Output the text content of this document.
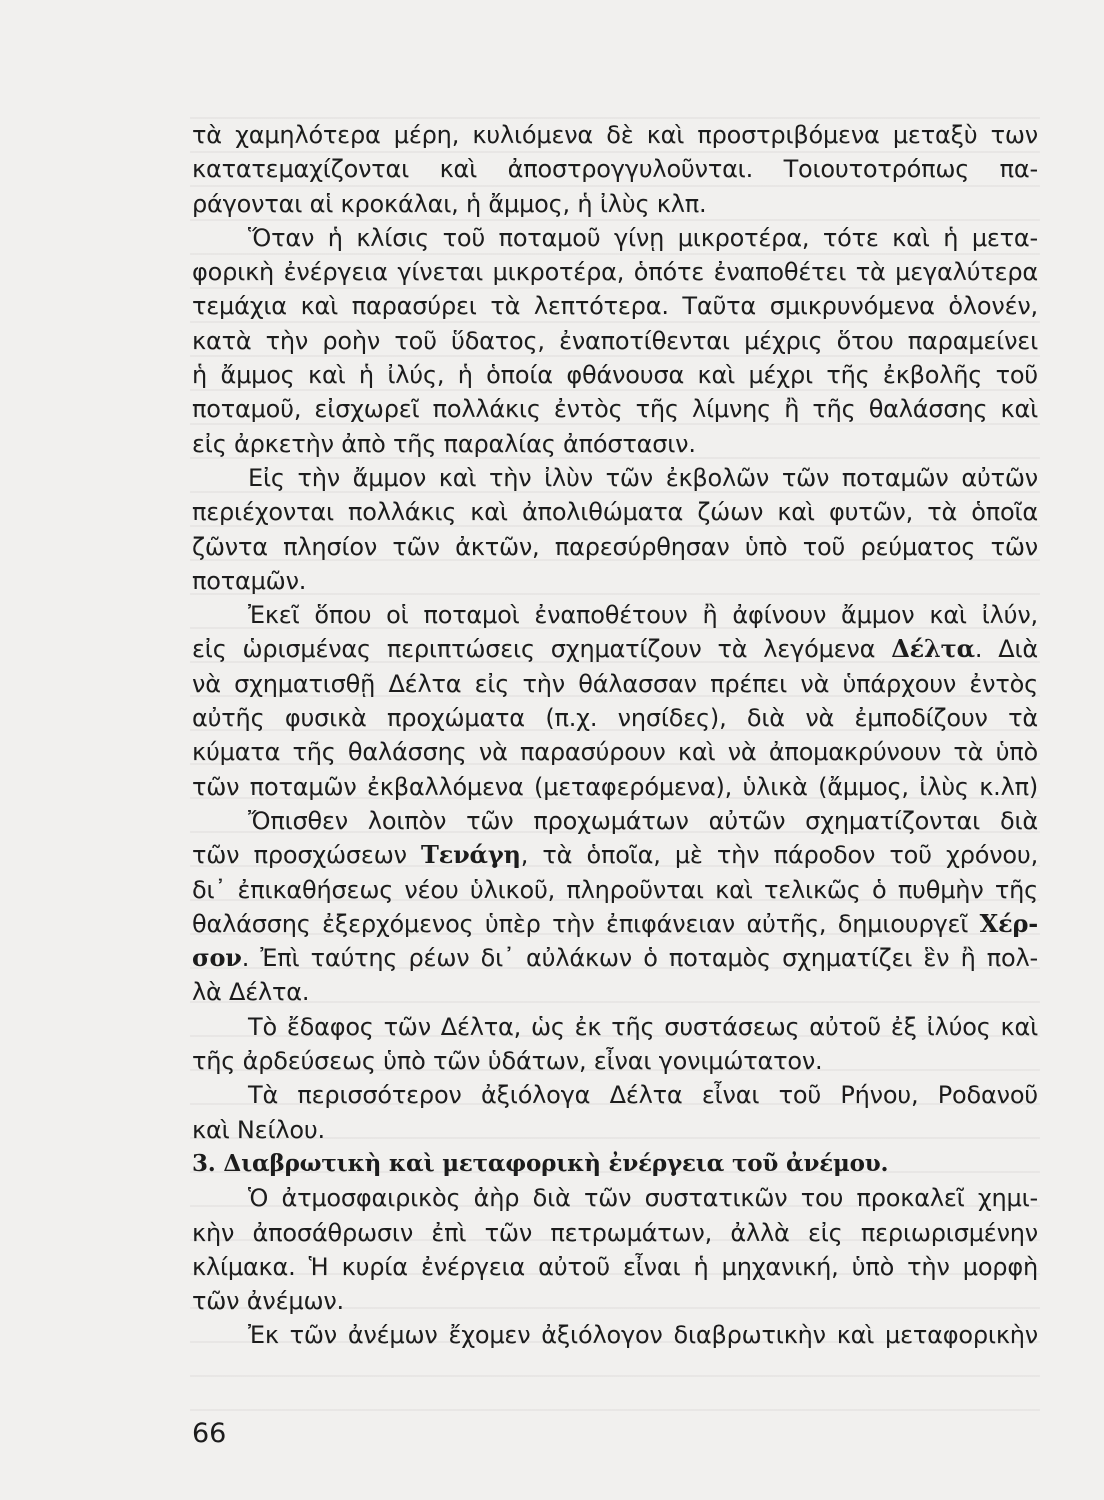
τὰ χαμηλότερα μέρη, κυλιόμενα δὲ καὶ προστριβόμενα μεταξὺ των
κατατεμαχίζονται καὶ ἀποστρογγυλοῦνται. Τοιουτοτρόπως πα-
ράγονται αἱ κροκάλαι, ἡ ἄμμος, ἡ ἰλὺς κλπ.
Ὅταν ἡ κλίσις τοῦ ποταμοῦ γίνῃ μικροτέρα, τότε καὶ ἡ μετα-
φορικὴ ἐνέργεια γίνεται μικροτέρα, ὁπότε ἐναποθέτει τὰ μεγαλύτερα
τεμάχια καὶ παρασύρει τὰ λεπτότερα. Ταῦτα σμικρυνόμενα ὁλονέν,
κατὰ τὴν ροὴν τοῦ ὕδατος, ἐναποτίθενται μέχρις ὅτου παραμείνει
ἡ ἄμμος καὶ ἡ ἰλύς, ἡ ὁποία φθάνουσα καὶ μέχρι τῆς ἐκβολῆς τοῦ
ποταμοῦ, εἰσχωρεῖ πολλάκις ἐντὸς τῆς λίμνης ἢ τῆς θαλάσσης καὶ
εἰς ἀρκετὴν ἀπὸ τῆς παραλίας ἀπόστασιν.
Εἰς τὴν ἄμμον καὶ τὴν ἰλὺν τῶν ἐκβολῶν τῶν ποταμῶν αὐτῶν
περιέχονται πολλάκις καὶ ἀπολιθώματα ζώων καὶ φυτῶν, τὰ ὁποῖα
ζῶντα πλησίον τῶν ἀκτῶν, παρεσύρθησαν ὑπὸ τοῦ ρεύματος τῶν
ποταμῶν.
Ἐκεῖ ὅπου οἱ ποταμοὶ ἐναποθέτουν ἢ ἀφίνουν ἄμμον καὶ ἰλύν,
εἰς ὡρισμένας περιπτώσεις σχηματίζουν τὰ λεγόμενα Δέλτα. Διὰ
νὰ σχηματισθῇ Δέλτα εἰς τὴν θάλασσαν πρέπει νὰ ὑπάρχουν ἐντὸς
αὐτῆς φυσικὰ προχώματα (π.χ. νησίδες), διὰ νὰ ἐμποδίζουν τὰ
κύματα τῆς θαλάσσης νὰ παρασύρουν καὶ νὰ ἀπομακρύνουν τὰ ὑπὸ
τῶν ποταμῶν ἐκβαλλόμενα (μεταφερόμενα), ὑλικὰ (ἄμμος, ἰλὺς κ.λπ)
Ὄπισθεν λοιπὸν τῶν προχωμάτων αὐτῶν σχηματίζονται διὰ
τῶν προσχώσεων Τενάγη, τὰ ὁποῖα, μὲ τὴν πάροδον τοῦ χρόνου,
δι᾽ ἐπικαθήσεως νέου ὑλικοῦ, πληροῦνται καὶ τελικῶς ὁ πυθμὴν τῆς
θαλάσσης ἐξερχόμενος ὑπὲρ τὴν ἐπιφάνειαν αὐτῆς, δημιουργεῖ Χέρ-
σον. Ἐπὶ ταύτης ρέων δι᾽ αὐλάκων ὁ ποταμὸς σχηματίζει ἓν ἢ πολ-
λὰ Δέλτα.
Τὸ ἔδαφος τῶν Δέλτα, ὡς ἐκ τῆς συστάσεως αὐτοῦ ἐξ ἰλύος καὶ
τῆς ἀρδεύσεως ὑπὸ τῶν ὑδάτων, εἶναι γονιμώτατον.
Τὰ περισσότερον ἀξιόλογα Δέλτα εἶναι τοῦ Ρήνου, Ροδανοῦ
καὶ Νείλου.
3. Διαβρωτικὴ καὶ μεταφορικὴ ἐνέργεια τοῦ ἀνέμου.
Ὁ ἀτμοσφαιρικὸς ἀὴρ διὰ τῶν συστατικῶν του προκαλεῖ χημι-
κὴν ἀποσάθρωσιν ἐπὶ τῶν πετρωμάτων, ἀλλὰ εἰς περιωρισμένην
κλίμακα. Ἡ κυρία ἐνέργεια αὐτοῦ εἶναι ἡ μηχανική, ὑπὸ τὴν μορφὴ
τῶν ἀνέμων.
Ἐκ τῶν ἀνέμων ἔχομεν ἀξιόλογον διαβρωτικὴν καὶ μεταφορικὴν
66
